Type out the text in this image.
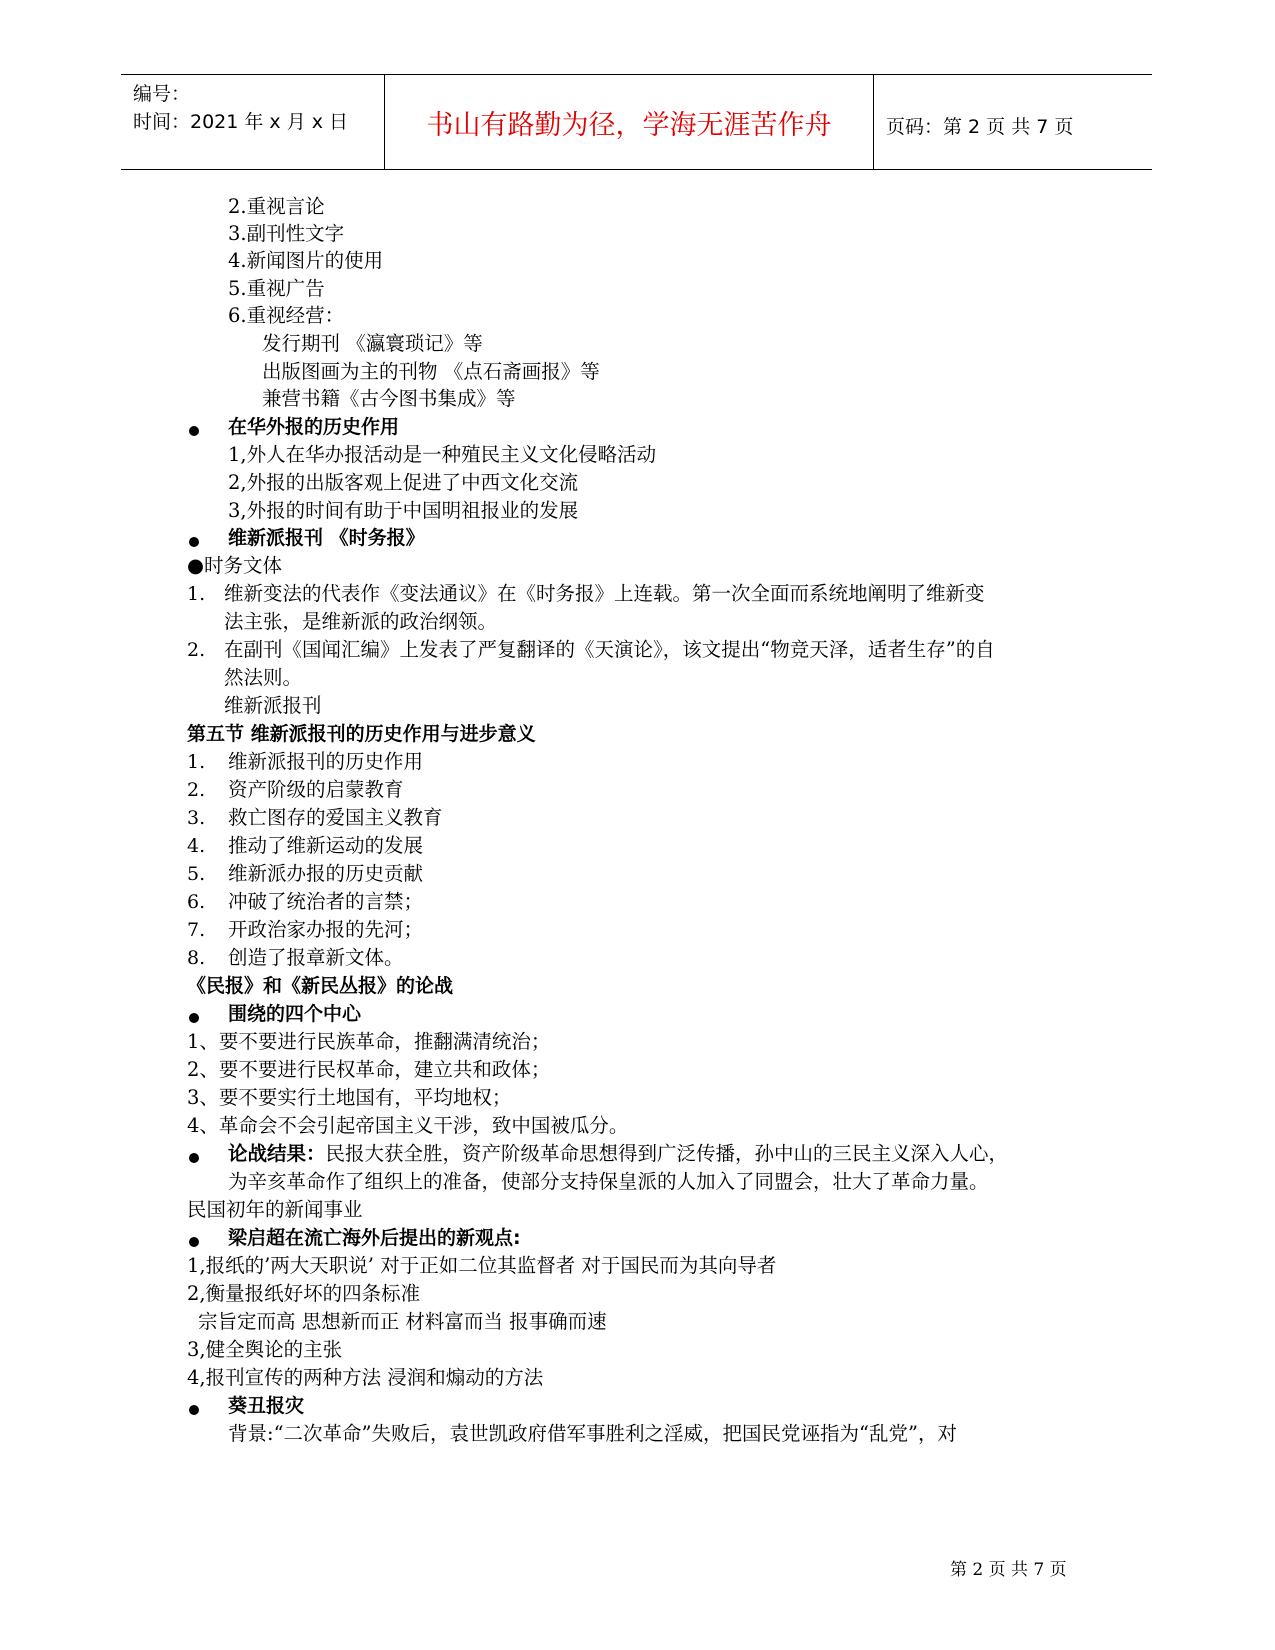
编号：
时间：2021 年 x 月 x 日	书山有路勤为径，学海无涯苦作舟	页码：第 2 页 共 7 页
2.重视言论
3.副刊性文字
4.新闻图片的使用
5.重视广告
6.重视经营：
发行期刊 《瀛寰琐记》等
出版图画为主的刊物 《点石斋画报》等
兼营书籍《古今图书集成》等
在华外报的历史作用
1,外人在华办报活动是一种殖民主义文化侵略活动
2,外报的出版客观上促进了中西文化交流
3,外报的时间有助于中国明祖报业的发展
维新派报刊 《时务报》
●时务文体
1. 维新变法的代表作《变法通议》在《时务报》上连载。第一次全面而系统地阐明了维新变
法主张，是维新派的政治纲领。
2. 在副刊《国闻汇编》上发表了严复翻译的《天演论》，该文提出“物竞天泽，适者生存”的自
然法则。
维新派报刊
第五节 维新派报刊的历史作用与进步意义
1. 维新派报刊的历史作用
2. 资产阶级的启蒙教育
3. 救亡图存的爱国主义教育
4. 推动了维新运动的发展
5. 维新派办报的历史贡献
6. 冲破了统治者的言禁；
7. 开政治家办报的先河；
8. 创造了报章新文体。
《民报》和《新民丛报》的论战
围绕的四个中心
1、要不要进行民族革命，推翻满清统治；
2、要不要进行民权革命，建立共和政体；
3、要不要实行土地国有，平均地权；
4、革命会不会引起帝国主义干涉，致中国被瓜分。
论战结果：民报大获全胜，资产阶级革命思想得到广泛传播，孙中山的三民主义深入人心，
为辛亥革命作了组织上的准备，使部分支持保皇派的人加入了同盟会，壮大了革命力量。
民国初年的新闻事业
梁启超在流亡海外后提出的新观点:
1,报纸的’两大天职说’ 对于正如二位其监督者 对于国民而为其向导者
2,衡量报纸好坏的四条标准
宗旨定而高 思想新而正 材料富而当 报事确而速
3,健全舆论的主张
4,报刊宣传的两种方法 浸润和煽动的方法
葵丑报灾
背景:“二次革命”失败后，袁世凯政府借军事胜利之淫威，把国民党诬指为“乱党”，对
第 2 页 共 7 页
